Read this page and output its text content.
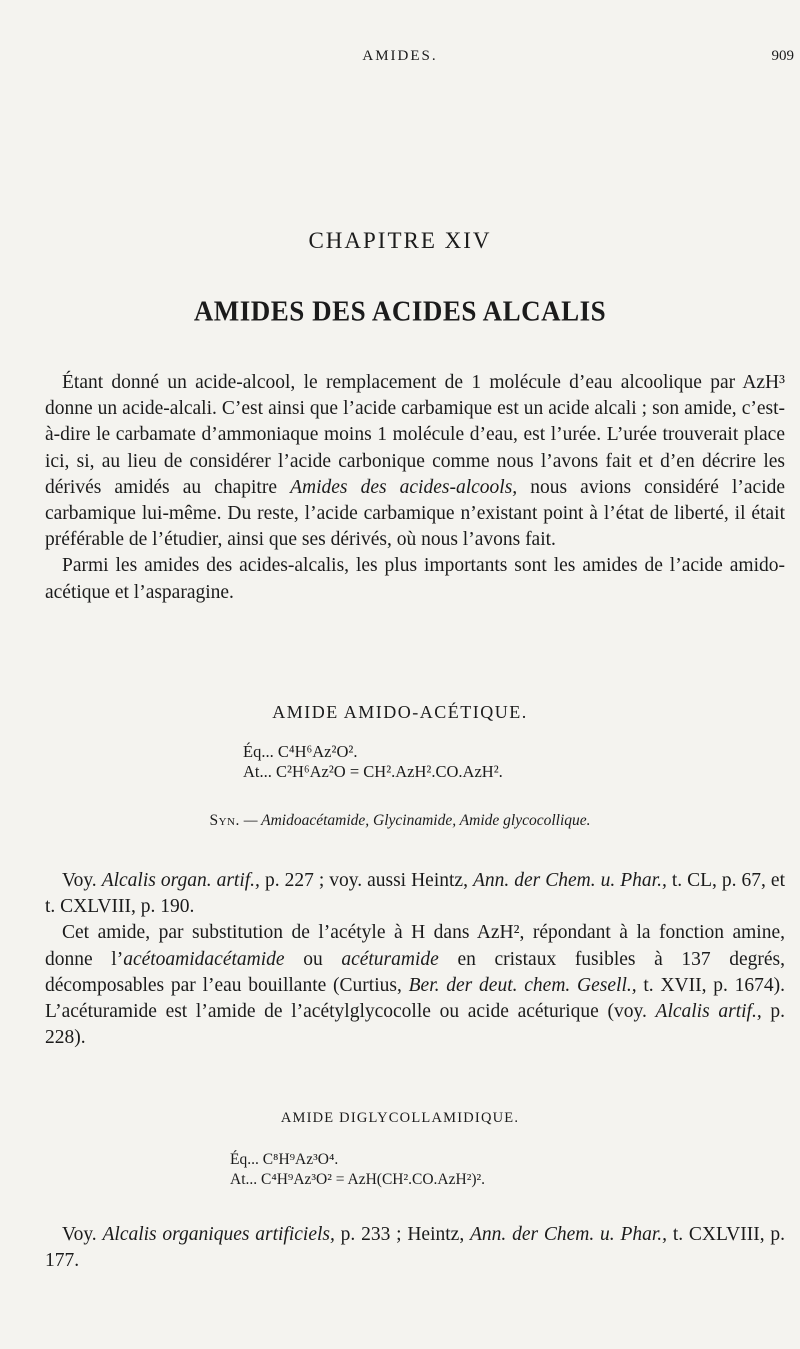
AMIDES.	909
CHAPITRE XIV
AMIDES DES ACIDES ALCALIS

Étant donné un acide-alcool, le remplacement de 1 molécule d’eau alcoolique par AzH³ donne un acide-alcali. C’est ainsi que l’acide carbamique est un acide alcali ; son amide, c’est-à-dire le carbamate d’ammoniaque moins 1 molécule d’eau, est l’urée. L’urée trouverait place ici, si, au lieu de considérer l’acide carbonique comme nous l’avons fait et d’en décrire les dérivés amidés au chapitre Amides des acides-alcools, nous avions considéré l’acide carbamique lui-même. Du reste, l’acide carbamique n’existant point à l’état de liberté, il était préférable de l’étudier, ainsi que ses dérivés, où nous l’avons fait.

Parmi les amides des acides-alcalis, les plus importants sont les amides de l’acide amido-acétique et l’asparagine.

AMIDE AMIDO-ACÉTIQUE.
Éq... C⁴H⁶Az²O².
At... C²H⁶Az²O = CH².AzH².CO.AzH².
Syn. — Amidoacétamide, Glycinamide, Amide glycocollique.

Voy. Alcalis organ. artif., p. 227 ; voy. aussi Heintz, Ann. der Chem. u. Phar., t. CL, p. 67, et t. CXLVIII, p. 190.

Cet amide, par substitution de l’acétyle à H dans AzH², répondant à la fonction amine, donne l’acétoamidacétamide ou acéturamide en cristaux fusibles à 137 degrés, décomposables par l’eau bouillante (Curtius, Ber. der deut. chem. Gesell., t. XVII, p. 1674). L’acéturamide est l’amide de l’acétylglycocolle ou acide acéturique (voy. Alcalis artif., p. 228).

AMIDE DIGLYCOLLAMIDIQUE.
Éq... C⁸H⁹Az³O⁴.
At... C⁴H⁹Az³O² = AzH(CH².CO.AzH²)².

Voy. Alcalis organiques artificiels, p. 233 ; Heintz, Ann. der Chem. u. Phar., t. CXLVIII, p. 177.
